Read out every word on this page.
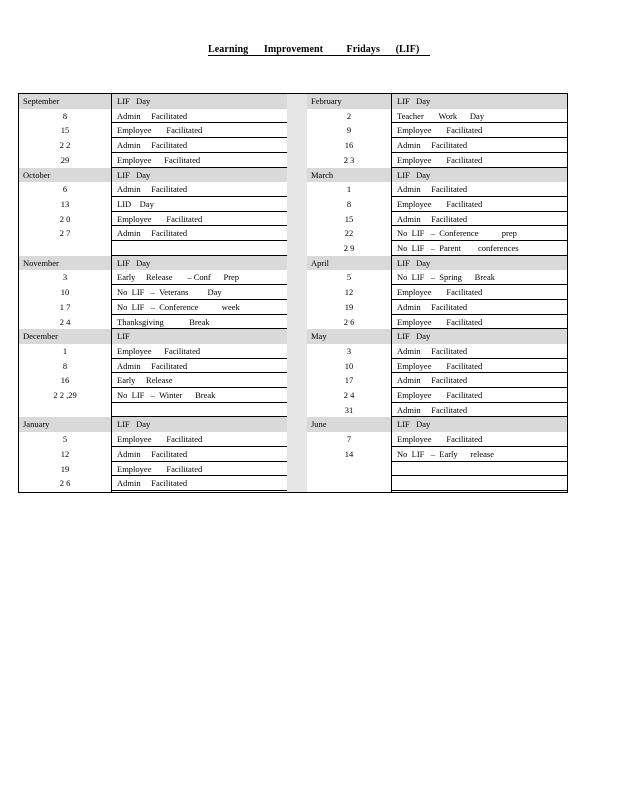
Learning      Improvement         Fridays      (LIF)
September	LIF   Day
8	Admin     Facilitated
15	Employee       Facilitated
2 2	Admin     Facilitated
29	Employee      Facilitated
October	LIF   Day
6	Admin     Facilitated
13	LID    Day
2 0	Employee       Facilitated
2 7	Admin     Facilitated
November	LIF   Day
3	Early     Release       – Conf      Prep
10	No  LIF   –  Veterans         Day
1 7	No  LIF   –  Conference           week
2 4	Thanksgiving            Break
December	LIF
1	Employee      Facilitated
8	Admin     Facilitated
16	Early     Release
2 2 ,29	No  LIF   –  Winter      Break
January	LIF   Day
5	Employee       Facilitated
12	Admin     Facilitated
19	Employee       Facilitated
2 6	Admin     Facilitated
February	LIF   Day
2	Teacher       Work      Day
9	Employee       Facilitated
16	Admin     Facilitated
2 3	Employee       Facilitated
March	LIF   Day
1	Admin     Facilitated
8	Employee       Facilitated
15	Admin     Facilitated
22	No  LIF   –  Conference           prep
2 9	No  LIF   –  Parent        conferences
April	LIF   Day
5	No  LIF   –  Spring      Break
12	Employee       Facilitated
19	Admin     Facilitated
2 6	Employee       Facilitated
May	LIF   Day
3	Admin     Facilitated
10	Employee       Facilitated
17	Admin     Facilitated
2 4	Employee       Facilitated
31	Admin     Facilitated
June	LIF   Day
7	Employee       Facilitated
14	No  LIF   –  Early      release
